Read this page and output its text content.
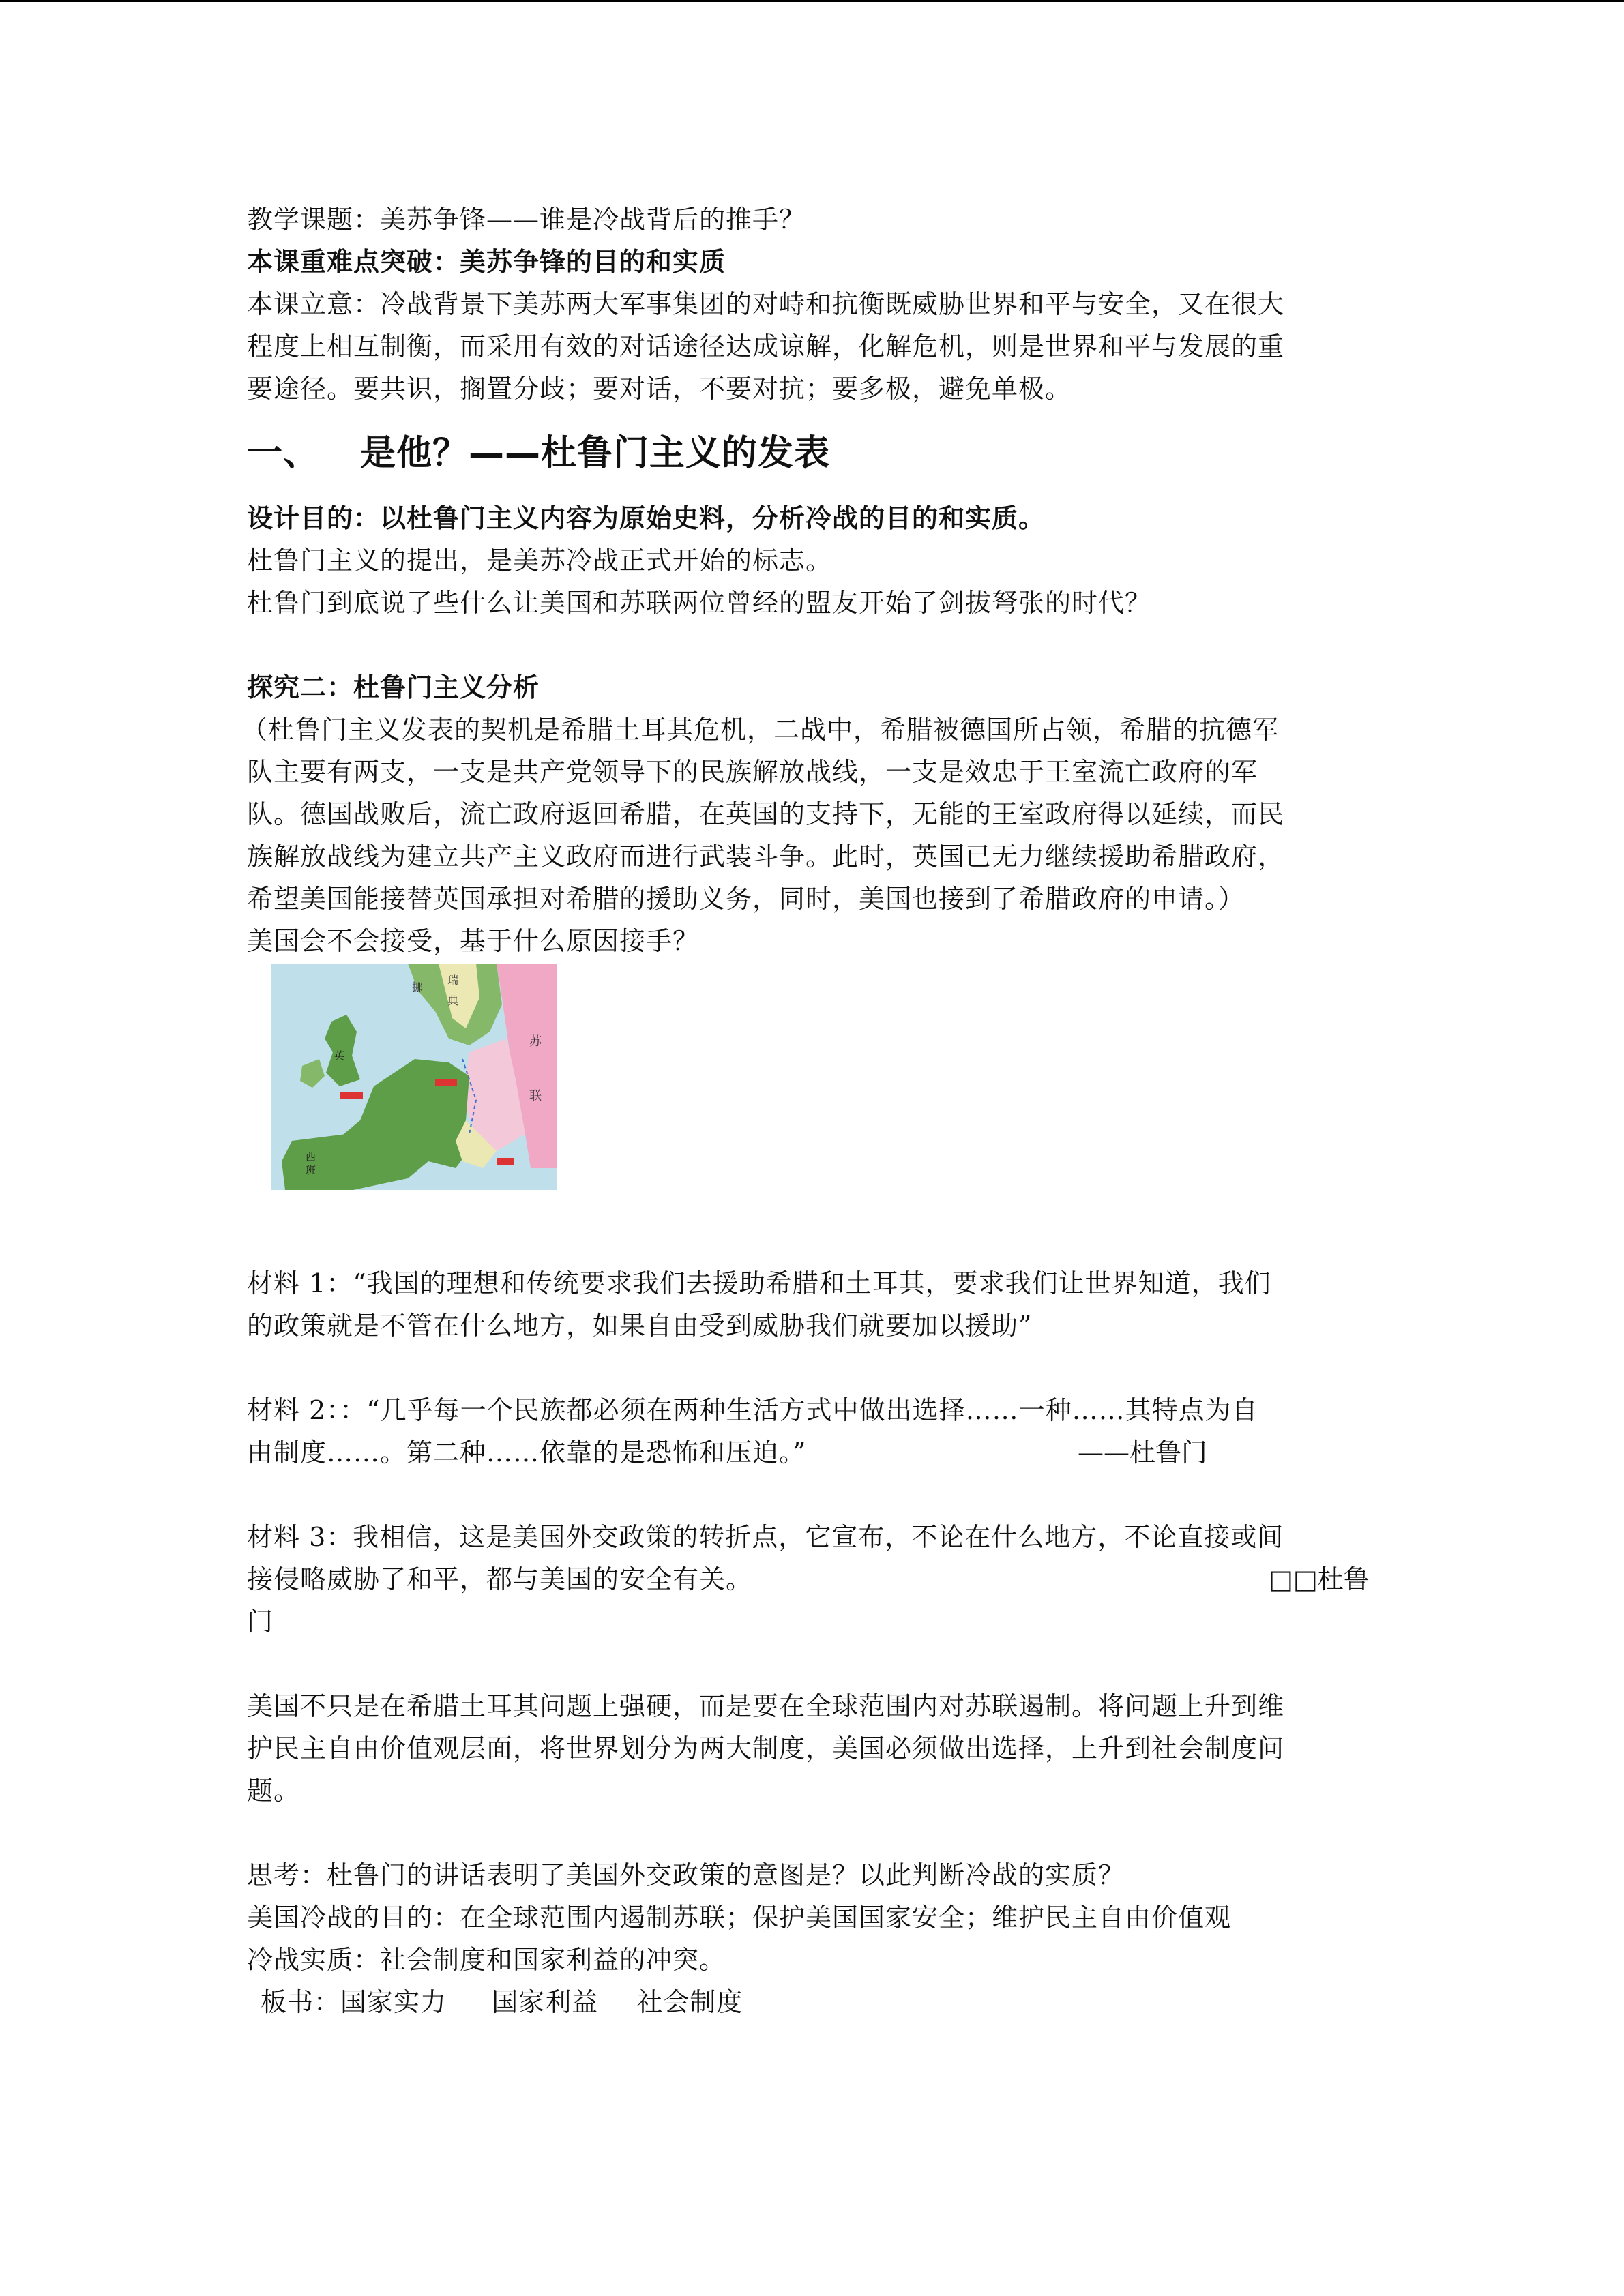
教学课题：美苏争锋——谁是冷战背后的推手？
本课重难点突破：美苏争锋的目的和实质
本课立意：冷战背景下美苏两大军事集团的对峙和抗衡既威胁世界和平与安全，又在很大
程度上相互制衡，而采用有效的对话途径达成谅解，化解危机，则是世界和平与发展的重
要途径。要共识，搁置分歧；要对话，不要对抗；要多极，避免单极。
一、 是他？——杜鲁门主义的发表
设计目的：以杜鲁门主义内容为原始史料，分析冷战的目的和实质。
杜鲁门主义的提出，是美苏冷战正式开始的标志。
杜鲁门到底说了些什么让美国和苏联两位曾经的盟友开始了剑拔弩张的时代？
探究二：杜鲁门主义分析
（杜鲁门主义发表的契机是希腊土耳其危机，二战中，希腊被德国所占领，希腊的抗德军
队主要有两支，一支是共产党领导下的民族解放战线，一支是效忠于王室流亡政府的军
队。德国战败后，流亡政府返回希腊，在英国的支持下，无能的王室政府得以延续，而民
族解放战线为建立共产主义政府而进行武装斗争。此时，英国已无力继续援助希腊政府，
希望美国能接替英国承担对希腊的援助义务，同时，美国也接到了希腊政府的申请。）
美国会不会接受，基于什么原因接手？
挪
瑞
典
苏
联
英
西
班
材料 1：“我国的理想和传统要求我们去援助希腊和土耳其，要求我们让世界知道，我们
的政策就是不管在什么地方，如果自由受到威胁我们就要加以援助”
材料 2：：“几乎每一个民族都必须在两种生活方式中做出选择……一种……其特点为自
由制度……。第二种……依靠的是恐怖和压迫。”	——杜鲁门
材料 3：我相信，这是美国外交政策的转折点，它宣布，不论在什么地方，不论直接或间
接侵略威胁了和平，都与美国的安全有关。	□□杜鲁
门
美国不只是在希腊土耳其问题上强硬，而是要在全球范围内对苏联遏制。将问题上升到维
护民主自由价值观层面，将世界划分为两大制度，美国必须做出选择，上升到社会制度问
题。
思考：杜鲁门的讲话表明了美国外交政策的意图是？以此判断冷战的实质？
美国冷战的目的：在全球范围内遏制苏联；保护美国国家安全；维护民主自由价值观
冷战实质：社会制度和国家利益的冲突。
板书：国家实力 国家利益 社会制度
